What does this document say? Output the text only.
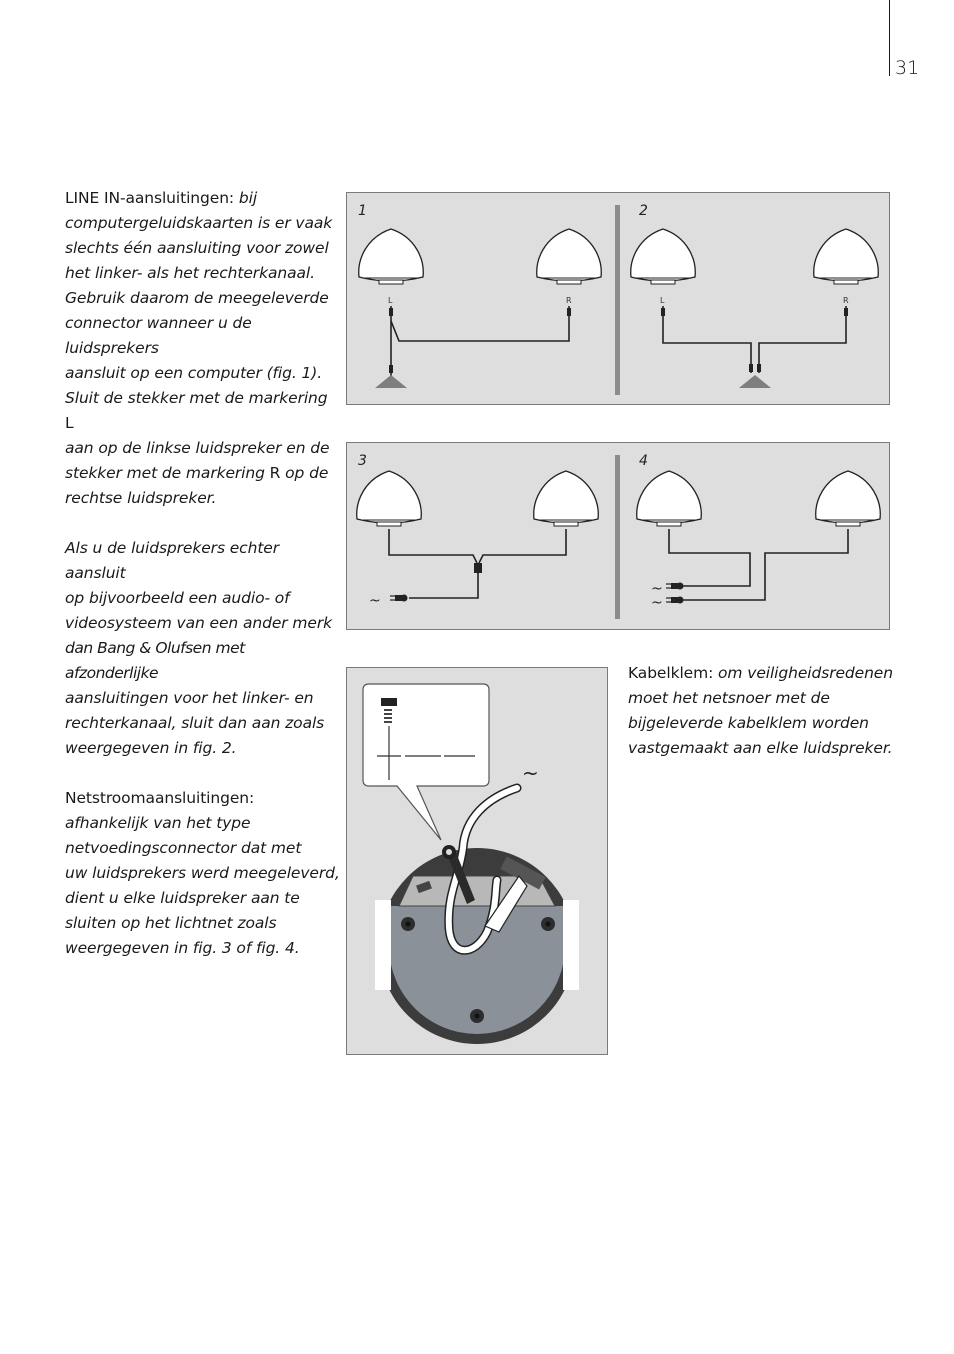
31

LINE IN-aansluitingen: bij
computergeluidskaarten is er vaak
slechts één aansluiting voor zowel
het linker- als het rechterkanaal.
Gebruik daarom de meegeleverde
connector wanneer u de luidsprekers
aansluit op een computer (fig. 1).
Sluit de stekker met de markering L
aan op de linkse luidspreker en de
stekker met de markering R op de
rechtse luidspreker.

Als u de luidsprekers echter aansluit
op bijvoorbeeld een audio- of
videosysteem van een ander merk
dan Bang & Olufsen met afzonderlijke
aansluitingen voor het linker- en
rechterkanaal, sluit dan aan zoals
weergegeven in fig. 2.

Netstroomaansluitingen:
afhankelijk van het type
netvoedingsconnector dat met
uw luidsprekers werd meegeleverd,
dient u elke luidspreker aan te
sluiten op het lichtnet zoals
weergegeven in fig. 3 of fig. 4.

Kabelklem: om veiligheidsredenen
moet het netsnoer met de
bijgeleverde kabelklem worden
vastgemaakt aan elke luidspreker.

1	2
L	R	L	R
3	4
~
~
~
~
